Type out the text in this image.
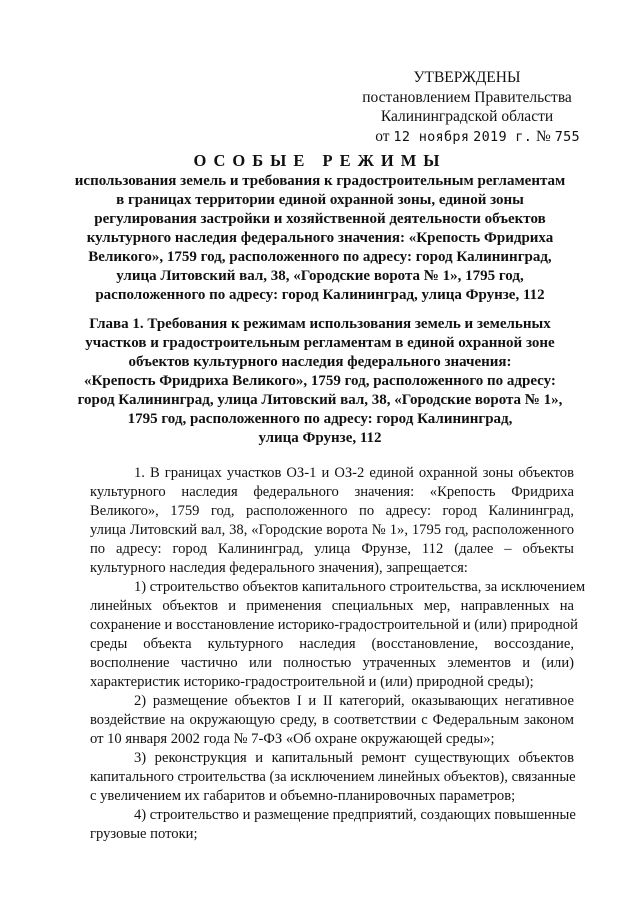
УТВЕРЖДЕНЫ
постановлением Правительства
Калининградской области
от 12 ноября 2019 г. № 755
ОСОБЫЕ РЕЖИМЫ
использования земель и требования к градостроительным регламентам
в границах территории единой охранной зоны, единой зоны
регулирования застройки и хозяйственной деятельности объектов
культурного наследия федерального значения: «Крепость Фридриха
Великого», 1759 год, расположенного по адресу: город Калининград,
улица Литовский вал, 38, «Городские ворота № 1», 1795 год,
расположенного по адресу: город Калининград, улица Фрунзе, 112
Глава 1. Требования к режимам использования земель и земельных
участков и градостроительным регламентам в единой охранной зоне
объектов культурного наследия федерального значения:
«Крепость Фридриха Великого», 1759 год, расположенного по адресу:
город Калининград, улица Литовский вал, 38, «Городские ворота № 1»,
1795 год, расположенного по адресу: город Калининград,
улица Фрунзе, 112
1. В границах участков ОЗ-1 и ОЗ-2 единой охранной зоны объектов
культурного наследия федерального значения: «Крепость Фридриха
Великого», 1759 год, расположенного по адресу: город Калининград,
улица Литовский вал, 38, «Городские ворота № 1», 1795 год, расположенного
по адресу: город Калининград, улица Фрунзе, 112 (далее – объекты
культурного наследия федерального значения), запрещается:
1) строительство объектов капитального строительства, за исключением
линейных объектов и применения специальных мер, направленных на
сохранение и восстановление историко-градостроительной и (или) природной
среды объекта культурного наследия (восстановление, воссоздание,
восполнение частично или полностью утраченных элементов и (или)
характеристик историко-градостроительной и (или) природной среды);
2) размещение объектов I и II категорий, оказывающих негативное
воздействие на окружающую среду, в соответствии с Федеральным законом
от 10 января 2002 года № 7-ФЗ «Об охране окружающей среды»;
3) реконструкция и капитальный ремонт существующих объектов
капитального строительства (за исключением линейных объектов), связанные
с увеличением их габаритов и объемно-планировочных параметров;
4) строительство и размещение предприятий, создающих повышенные
грузовые потоки;
